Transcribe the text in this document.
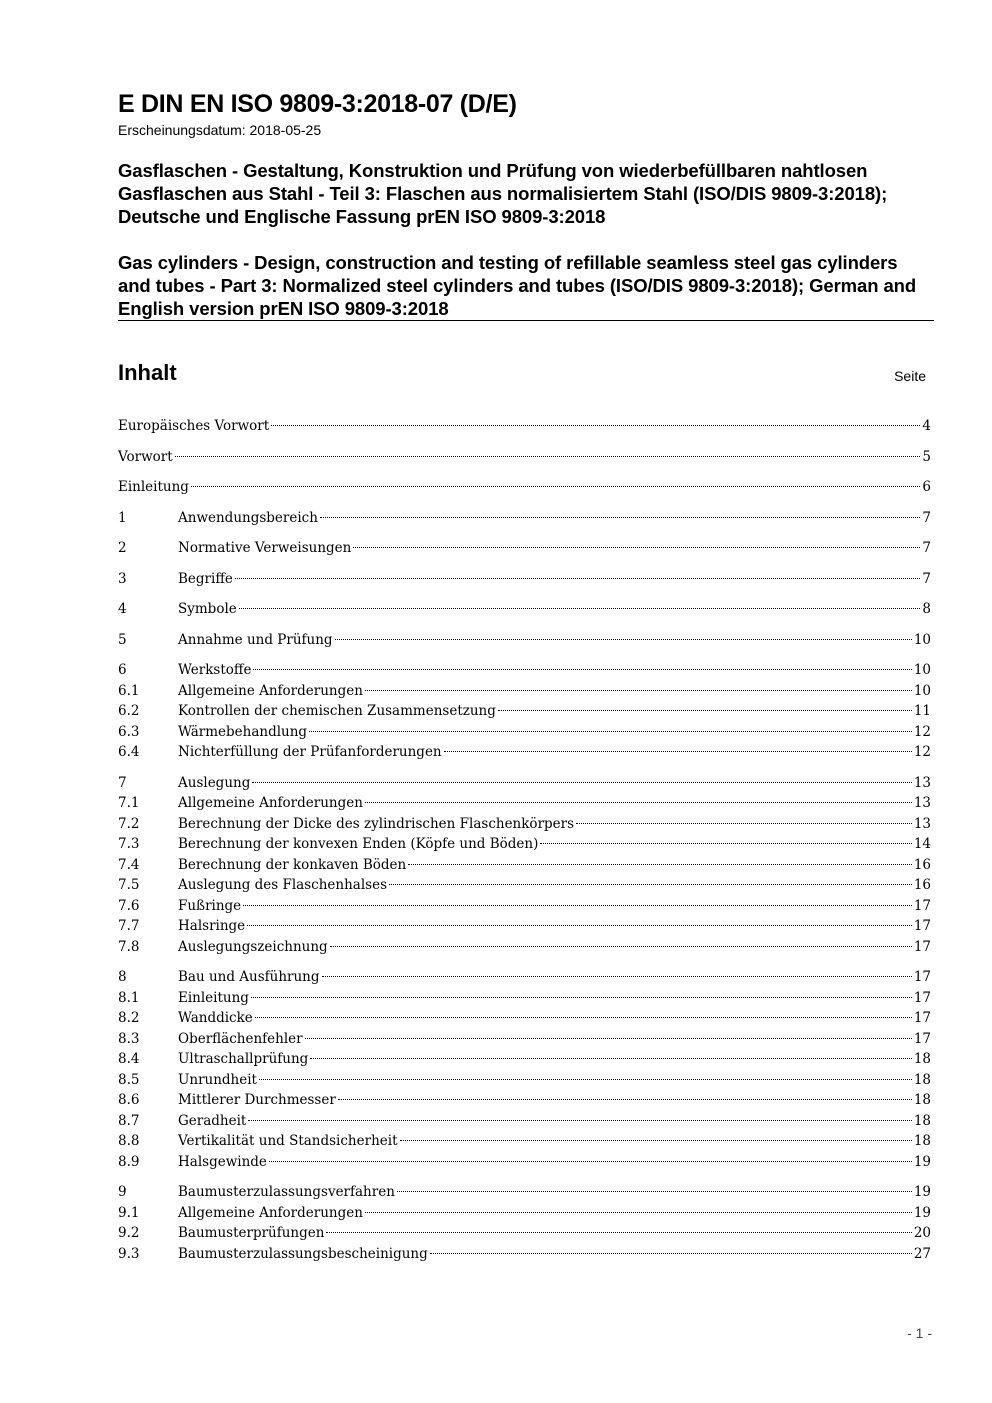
E DIN EN ISO 9809-3:2018-07 (D/E)

Erscheinungsdatum: 2018-05-25

Gasflaschen - Gestaltung, Konstruktion und Prüfung von wiederbefüllbaren nahtlosen Gasflaschen aus Stahl - Teil 3: Flaschen aus normalisiertem Stahl (ISO/DIS 9809-3:2018); Deutsche und Englische Fassung prEN ISO 9809-3:2018

Gas cylinders - Design, construction and testing of refillable seamless steel gas cylinders and tubes - Part 3: Normalized steel cylinders and tubes (ISO/DIS 9809-3:2018); German and English version prEN ISO 9809-3:2018

Inhalt	Seite

Europäisches Vorwort	4
Vorwort	5
Einleitung	6
1	Anwendungsbereich	7
2	Normative Verweisungen	7
3	Begriffe	7
4	Symbole	8
5	Annahme und Prüfung	10
6	Werkstoffe	10
6.1	Allgemeine Anforderungen	10
6.2	Kontrollen der chemischen Zusammensetzung	11
6.3	Wärmebehandlung	12
6.4	Nichterfüllung der Prüfanforderungen	12
7	Auslegung	13
7.1	Allgemeine Anforderungen	13
7.2	Berechnung der Dicke des zylindrischen Flaschenkörpers	13
7.3	Berechnung der konvexen Enden (Köpfe und Böden)	14
7.4	Berechnung der konkaven Böden	16
7.5	Auslegung des Flaschenhalses	16
7.6	Fußringe	17
7.7	Halsringe	17
7.8	Auslegungszeichnung	17
8	Bau und Ausführung	17
8.1	Einleitung	17
8.2	Wanddicke	17
8.3	Oberflächenfehler	17
8.4	Ultraschallprüfung	18
8.5	Unrundheit	18
8.6	Mittlerer Durchmesser	18
8.7	Geradheit	18
8.8	Vertikalität und Standsicherheit	18
8.9	Halsgewinde	19
9	Baumusterzulassungsverfahren	19
9.1	Allgemeine Anforderungen	19
9.2	Baumusterprüfungen	20
9.3	Baumusterzulassungsbescheinigung	27

- 1 -
